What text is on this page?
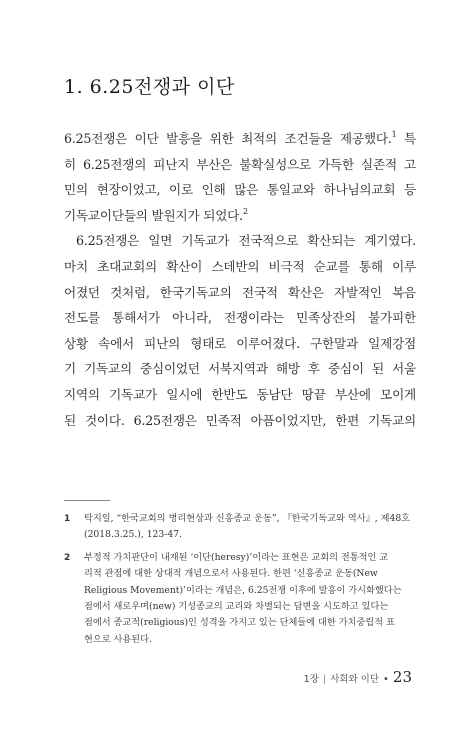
1. 6.25전쟁과 이단
6.25전쟁은 이단 발흥을 위한 최적의 조건들을 제공했다.$^1$ 특
히 6.25전쟁의 피난지 부산은 불확실성으로 가득한 실존적 고
민의 현장이었고, 이로 인해 많은 통일교와 하나님의교회 등
기독교이단들의 발원지가 되었다.$^2$
6.25전쟁은 일면 기독교가 전국적으로 확산되는 계기였다.
마치 초대교회의 확산이 스데반의 비극적 순교를 통해 이루
어졌던 것처럼, 한국기독교의 전국적 확산은 자발적인 복음
전도를 통해서가 아니라, 전쟁이라는 민족상잔의 불가피한
상황 속에서 피난의 형태로 이루어졌다. 구한말과 일제강점
기 기독교의 중심이었던 서북지역과 해방 후 중심이 된 서울
지역의 기독교가 일시에 한반도 동남단 땅끝 부산에 모이게
된 것이다. 6.25전쟁은 민족적 아픔이었지만, 한편 기독교의
1 탁지일, “한국교회의 병리현상과 신흥종교 운동”, 『한국기독교와 역사』, 제48호
(2018.3.25.), 123-47.
2 부정적 가치판단이 내재된 ‘이단(heresy)’이라는 표현은 교회의 전통적인 교
리적 관점에 대한 상대적 개념으로서 사용된다. 한편 ‘신흥종교 운동(New
Religious Movement)’이라는 개념은, 6.25전쟁 이후에 발흥이 가시화했다는
점에서 새로우며(new) 기성종교의 교리와 차별되는 답변을 시도하고 있다는
점에서 종교적(religious)인 성격을 가지고 있는 단체들에 대한 가치중립적 표
현으로 사용된다.
1장 | 사회와 이단 • 23
